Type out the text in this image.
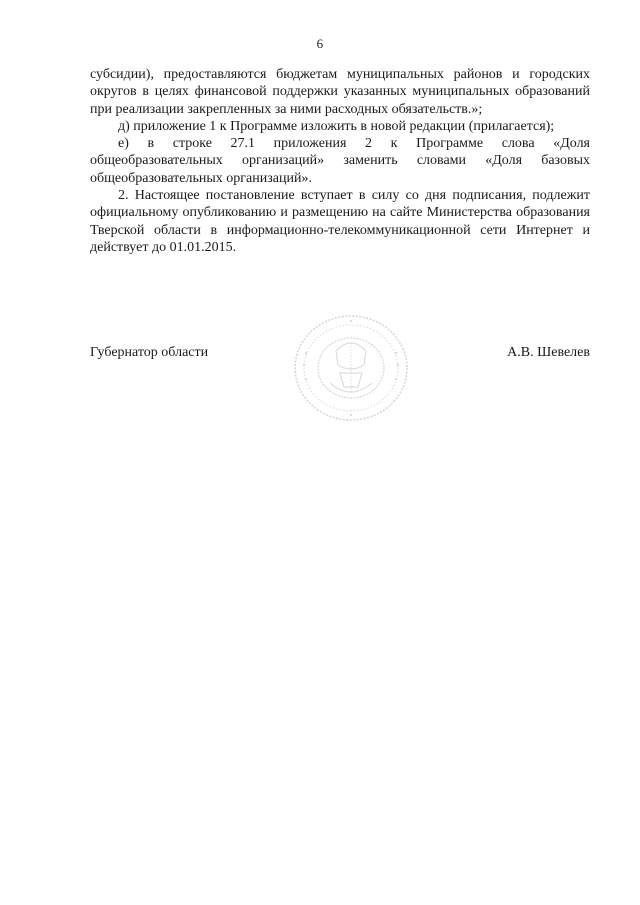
6

субсидии), предоставляются бюджетам муниципальных районов и городских округов в целях финансовой поддержки указанных муниципальных образований при реализации закрепленных за ними расходных обязательств.»;

д) приложение 1 к Программе изложить в новой редакции (прилагается);

е) в строке 27.1 приложения 2 к Программе слова «Доля общеобразовательных организаций» заменить словами «Доля базовых общеобразовательных организаций».

2. Настоящее постановление вступает в силу со дня подписания, подлежит официальному опубликованию и размещению на сайте Министерства образования Тверской области в информационно-телекоммуникационной сети Интернет и действует до 01.01.2015.

Губернатор области	А.В. Шевелев
